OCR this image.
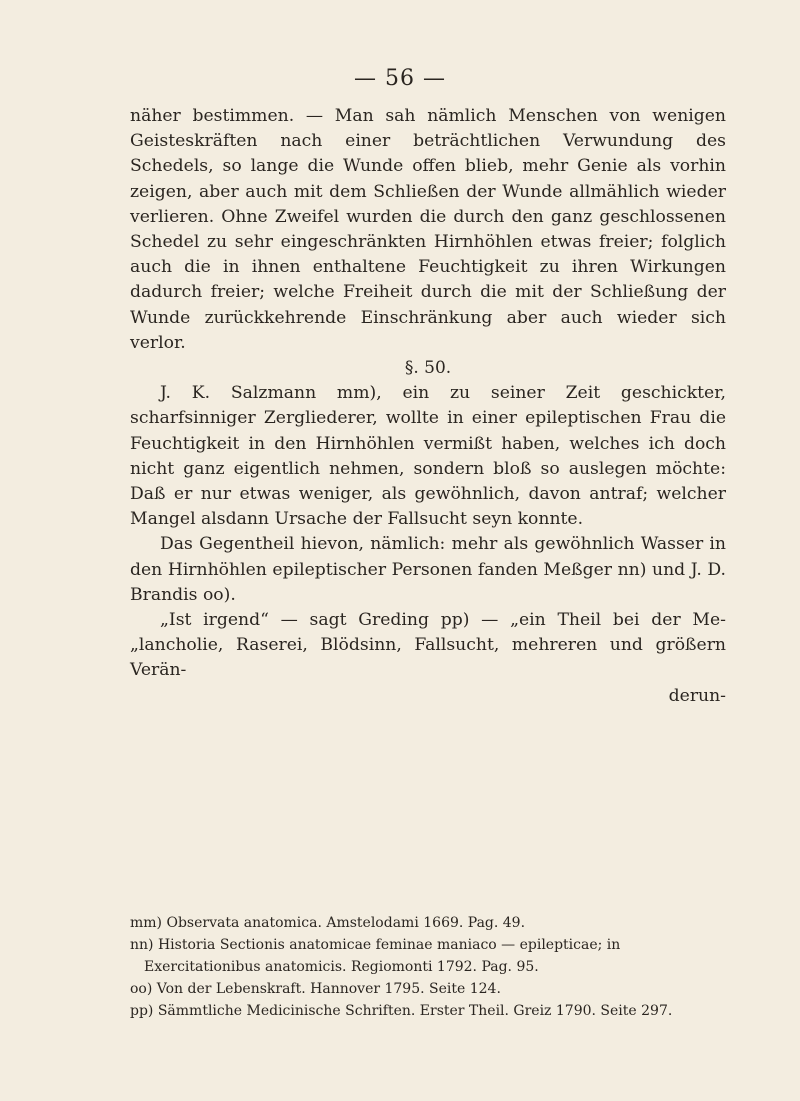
— 56 —

näher bestimmen. — Man sah nämlich Menschen von wenigen Geisteskräften nach einer beträchtlichen Verwundung des Schedels, so lange die Wunde offen blieb, mehr Genie als vorhin zeigen, aber auch mit dem Schließen der Wunde allmählich wieder verlieren. Ohne Zweifel wurden die durch den ganz geschlossenen Schedel zu sehr eingeschränkten Hirnhöhlen etwas freier; folglich auch die in ihnen enthaltene Feuchtigkeit zu ihren Wirkungen dadurch freier; welche Freiheit durch die mit der Schließung der Wunde zurückkehrende Einschränkung aber auch wieder sich verlor.

§. 50.

J. K. Salzmann mm), ein zu seiner Zeit geschickter, scharfsinniger Zergliederer, wollte in einer epileptischen Frau die Feuchtigkeit in den Hirnhöhlen vermißt haben, welches ich doch nicht ganz eigentlich nehmen, sondern bloß so auslegen möchte: Daß er nur etwas weniger, als gewöhnlich, davon antraf; welcher Mangel alsdann Ursache der Fallsucht seyn konnte.

Das Gegentheil hievon, nämlich: mehr als gewöhnlich Wasser in den Hirnhöhlen epileptischer Personen fanden Meßger nn) und J. D. Brandis oo).

„Ist irgend“ — sagt Greding pp) — „ein Theil bei der Me-„lancholie, Raserei, Blödsinn, Fallsucht, mehreren und größern Verän-

derun-

mm) Observata anatomica. Amstelodami 1669. Pag. 49.

nn) Historia Sectionis anatomicae feminae maniaco — epilepticae; in Exercitationibus anatomicis. Regiomonti 1792. Pag. 95.

oo) Von der Lebenskraft. Hannover 1795. Seite 124.

pp) Sämmtliche Medicinische Schriften. Erster Theil. Greiz 1790. Seite 297.
